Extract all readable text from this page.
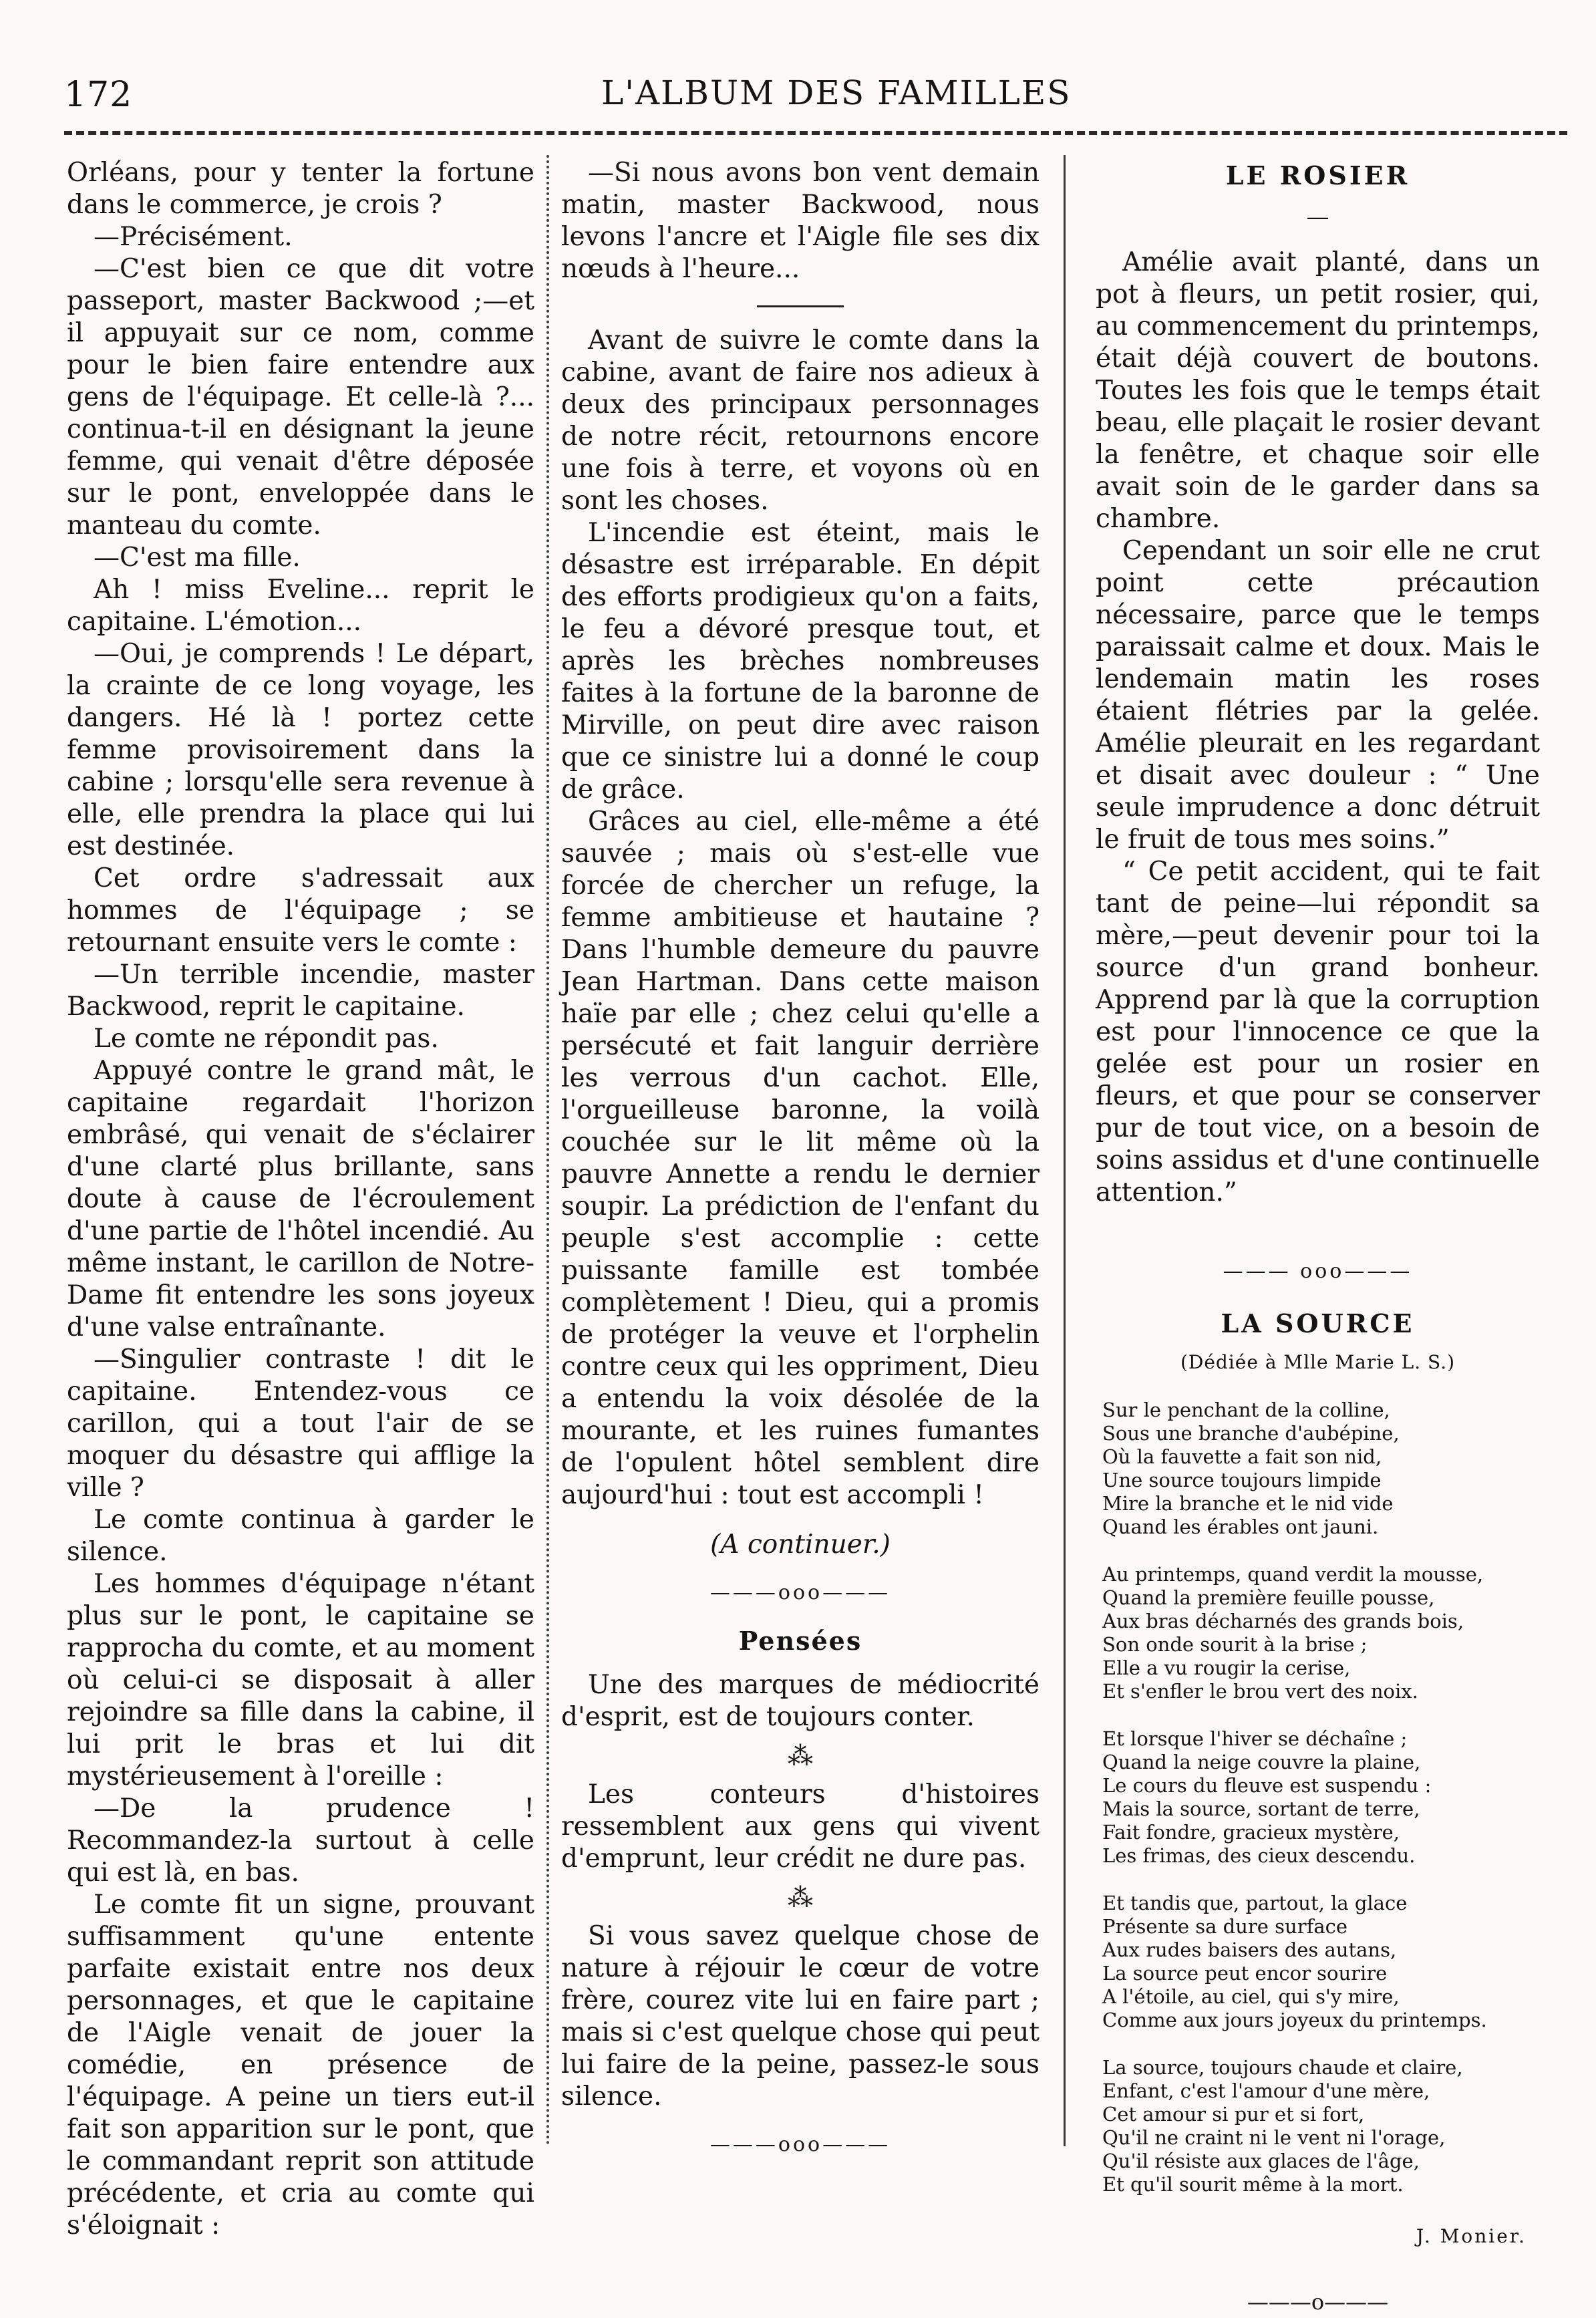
172	L'ALBUM DES FAMILLES

Orléans, pour y tenter la fortune dans le commerce, je crois ?

—Précisément.

—C'est bien ce que dit votre passeport, master Backwood ;—et il appuyait sur ce nom, comme pour le bien faire entendre aux gens de l'équipage. Et celle-là ?... continua-t-il en désignant la jeune femme, qui venait d'être déposée sur le pont, enveloppée dans le manteau du comte.

—C'est ma fille.

Ah ! miss Eveline... reprit le capitaine. L'émotion...

—Oui, je comprends ! Le départ, la crainte de ce long voyage, les dangers. Hé là ! portez cette femme provisoirement dans la cabine ; lorsqu'elle sera revenue à elle, elle prendra la place qui lui est destinée.

Cet ordre s'adressait aux hommes de l'équipage ; se retournant ensuite vers le comte :

—Un terrible incendie, master Backwood, reprit le capitaine.

Le comte ne répondit pas.

Appuyé contre le grand mât, le capitaine regardait l'horizon embrâsé, qui venait de s'éclairer d'une clarté plus brillante, sans doute à cause de l'écroulement d'une partie de l'hôtel incendié. Au même instant, le carillon de Notre-Dame fit entendre les sons joyeux d'une valse entraînante.

—Singulier contraste ! dit le capitaine. Entendez-vous ce carillon, qui a tout l'air de se moquer du désastre qui afflige la ville ?

Le comte continua à garder le silence.

Les hommes d'équipage n'étant plus sur le pont, le capitaine se rapprocha du comte, et au moment où celui-ci se disposait à aller rejoindre sa fille dans la cabine, il lui prit le bras et lui dit mystérieusement à l'oreille :

—De la prudence ! Recommandez-la surtout à celle qui est là, en bas.

Le comte fit un signe, prouvant suffisamment qu'une entente parfaite existait entre nos deux personnages, et que le capitaine de l'Aigle venait de jouer la comédie, en présence de l'équipage. A peine un tiers eut-il fait son apparition sur le pont, que le commandant reprit son attitude précédente, et cria au comte qui s'éloignait :

—Si nous avons bon vent demain matin, master Backwood, nous levons l'ancre et l'Aigle file ses dix nœuds à l'heure...

Avant de suivre le comte dans la cabine, avant de faire nos adieux à deux des principaux personnages de notre récit, retournons encore une fois à terre, et voyons où en sont les choses.

L'incendie est éteint, mais le désastre est irréparable. En dépit des efforts prodigieux qu'on a faits, le feu a dévoré presque tout, et après les brèches nombreuses faites à la fortune de la baronne de Mirville, on peut dire avec raison que ce sinistre lui a donné le coup de grâce.

Grâces au ciel, elle-même a été sauvée ; mais où s'est-elle vue forcée de chercher un refuge, la femme ambitieuse et hautaine ? Dans l'humble demeure du pauvre Jean Hartman. Dans cette maison haïe par elle ; chez celui qu'elle a persécuté et fait languir derrière les verrous d'un cachot. Elle, l'orgueilleuse baronne, la voilà couchée sur le lit même où la pauvre Annette a rendu le dernier soupir. La prédiction de l'enfant du peuple s'est accomplie : cette puissante famille est tombée complètement ! Dieu, qui a promis de protéger la veuve et l'orphelin contre ceux qui les oppriment, Dieu a entendu la voix désolée de la mourante, et les ruines fumantes de l'opulent hôtel semblent dire aujourd'hui : tout est accompli !

(A continuer.)

———ooo———
Pensées

Une des marques de médiocrité d'esprit, est de toujours conter.

⁂

Les conteurs d'histoires ressemblent aux gens qui vivent d'emprunt, leur crédit ne dure pas.

⁂

Si vous savez quelque chose de nature à réjouir le cœur de votre frère, courez vite lui en faire part ; mais si c'est quelque chose qui peut lui faire de la peine, passez-le sous silence.

———ooo———
LE ROSIER
—

Amélie avait planté, dans un pot à fleurs, un petit rosier, qui, au commencement du printemps, était déjà couvert de boutons. Toutes les fois que le temps était beau, elle plaçait le rosier devant la fenêtre, et chaque soir elle avait soin de le garder dans sa chambre.

Cependant un soir elle ne crut point cette précaution nécessaire, parce que le temps paraissait calme et doux. Mais le lendemain matin les roses étaient flétries par la gelée. Amélie pleurait en les regardant et disait avec douleur : “ Une seule imprudence a donc détruit le fruit de tous mes soins.”

“ Ce petit accident, qui te fait tant de peine—lui répondit sa mère,—peut devenir pour toi la source d'un grand bonheur. Apprend par là que la corruption est pour l'innocence ce que la gelée est pour un rosier en fleurs, et que pour se conserver pur de tout vice, on a besoin de soins assidus et d'une continuelle attention.”

——— ooo———
LA SOURCE
(Dédiée à Mlle Marie L. S.)
Sur le penchant de la colline,
Sous une branche d'aubépine,
Où la fauvette a fait son nid,
Une source toujours limpide
Mire la branche et le nid vide
Quand les érables ont jauni.
Au printemps, quand verdit la mousse,
Quand la première feuille pousse,
Aux bras décharnés des grands bois,
Son onde sourit à la brise ;
Elle a vu rougir la cerise,
Et s'enfler le brou vert des noix.
Et lorsque l'hiver se déchaîne ;
Quand la neige couvre la plaine,
Le cours du fleuve est suspendu :
Mais la source, sortant de terre,
Fait fondre, gracieux mystère,
Les frimas, des cieux descendu.
Et tandis que, partout, la glace
Présente sa dure surface
Aux rudes baisers des autans,
La source peut encor sourire
A l'étoile, au ciel, qui s'y mire,
Comme aux jours joyeux du printemps.
La source, toujours chaude et claire,
Enfant, c'est l'amour d'une mère,
Cet amour si pur et si fort,
Qu'il ne craint ni le vent ni l'orage,
Qu'il résiste aux glaces de l'âge,
Et qu'il sourit même à la mort.
J. Monier.
———o———
